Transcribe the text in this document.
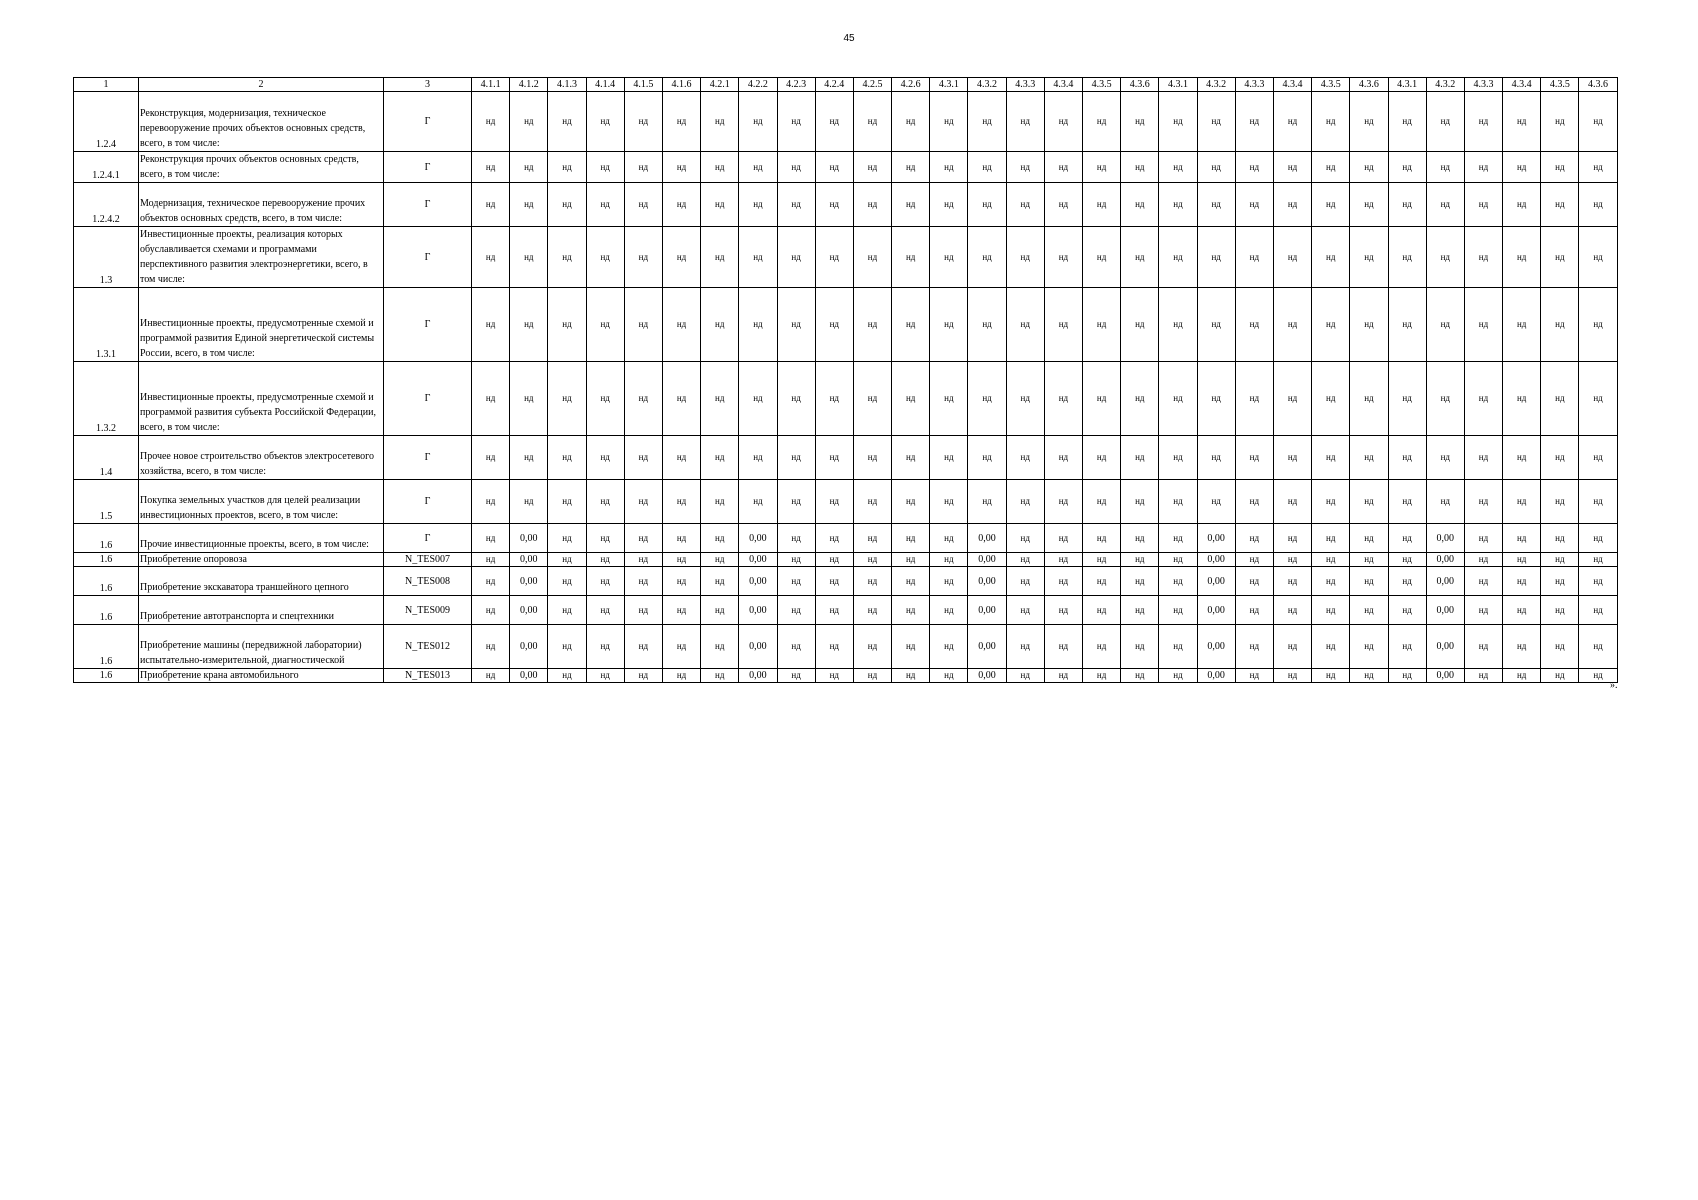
45
1	2	3	4.1.1	4.1.2	4.1.3	4.1.4	4.1.5	4.1.6	4.2.1	4.2.2	4.2.3	4.2.4	4.2.5	4.2.6	4.3.1	4.3.2	4.3.3	4.3.4	4.3.5	4.3.6	4.3.1	4.3.2	4.3.3	4.3.4	4.3.5	4.3.6	4.3.1	4.3.2	4.3.3	4.3.4	4.3.5	4.3.6
1.2.4	Реконструкция, модернизация, техническое перевооружение прочих объектов основных средств, всего, в том числе:	Г	нд	нд	нд	нд	нд	нд	нд	нд	нд	нд	нд	нд	нд	нд	нд	нд	нд	нд	нд	нд	нд	нд	нд	нд	нд	нд	нд	нд	нд	нд
1.2.4.1	Реконструкция прочих объектов основных средств, всего, в том числе:	Г	нд	нд	нд	нд	нд	нд	нд	нд	нд	нд	нд	нд	нд	нд	нд	нд	нд	нд	нд	нд	нд	нд	нд	нд	нд	нд	нд	нд	нд	нд
1.2.4.2	Модернизация, техническое перевооружение прочих объектов основных средств, всего, в том числе:	Г	нд	нд	нд	нд	нд	нд	нд	нд	нд	нд	нд	нд	нд	нд	нд	нд	нд	нд	нд	нд	нд	нд	нд	нд	нд	нд	нд	нд	нд	нд
1.3	Инвестиционные проекты, реализация которых обуславливается схемами и программами перспективного развития электроэнергетики, всего, в том числе:	Г	нд	нд	нд	нд	нд	нд	нд	нд	нд	нд	нд	нд	нд	нд	нд	нд	нд	нд	нд	нд	нд	нд	нд	нд	нд	нд	нд	нд	нд	нд
1.3.1	Инвестиционные проекты, предусмотренные схемой и программой развития Единой энергетической системы России, всего, в том числе:	Г	нд	нд	нд	нд	нд	нд	нд	нд	нд	нд	нд	нд	нд	нд	нд	нд	нд	нд	нд	нд	нд	нд	нд	нд	нд	нд	нд	нд	нд	нд
1.3.2	Инвестиционные проекты, предусмотренные схемой и программой развития субъекта Российской Федерации, всего, в том числе:	Г	нд	нд	нд	нд	нд	нд	нд	нд	нд	нд	нд	нд	нд	нд	нд	нд	нд	нд	нд	нд	нд	нд	нд	нд	нд	нд	нд	нд	нд	нд
1.4	Прочее новое строительство объектов электросетевого хозяйства, всего, в том числе:	Г	нд	нд	нд	нд	нд	нд	нд	нд	нд	нд	нд	нд	нд	нд	нд	нд	нд	нд	нд	нд	нд	нд	нд	нд	нд	нд	нд	нд	нд	нд
1.5	Покупка земельных участков для целей реализации инвестиционных проектов, всего, в том числе:	Г	нд	нд	нд	нд	нд	нд	нд	нд	нд	нд	нд	нд	нд	нд	нд	нд	нд	нд	нд	нд	нд	нд	нд	нд	нд	нд	нд	нд	нд	нд
1.6	Прочие инвестиционные проекты, всего, в том числе:	Г	нд	0,00	нд	нд	нд	нд	нд	0,00	нд	нд	нд	нд	нд	0,00	нд	нд	нд	нд	нд	0,00	нд	нд	нд	нд	нд	0,00	нд	нд	нд	нд
1.6	Приобретение опоровоза	N_TES007	нд	0,00	нд	нд	нд	нд	нд	0,00	нд	нд	нд	нд	нд	0,00	нд	нд	нд	нд	нд	0,00	нд	нд	нд	нд	нд	0,00	нд	нд	нд	нд
1.6	Приобретение экскаватора траншейного цепного	N_TES008	нд	0,00	нд	нд	нд	нд	нд	0,00	нд	нд	нд	нд	нд	0,00	нд	нд	нд	нд	нд	0,00	нд	нд	нд	нд	нд	0,00	нд	нд	нд	нд
1.6	Приобретение автотранспорта и спецтехники	N_TES009	нд	0,00	нд	нд	нд	нд	нд	0,00	нд	нд	нд	нд	нд	0,00	нд	нд	нд	нд	нд	0,00	нд	нд	нд	нд	нд	0,00	нд	нд	нд	нд
1.6	Приобретение машины (передвижной лаборатории) испытательно-измерительной, диагностической	N_TES012	нд	0,00	нд	нд	нд	нд	нд	0,00	нд	нд	нд	нд	нд	0,00	нд	нд	нд	нд	нд	0,00	нд	нд	нд	нд	нд	0,00	нд	нд	нд	нд
1.6	Приобретение крана автомобильного	N_TES013	нд	0,00	нд	нд	нд	нд	нд	0,00	нд	нд	нд	нд	нд	0,00	нд	нд	нд	нд	нд	0,00	нд	нд	нд	нд	нд	0,00	нд	нд	нд	нд
».
